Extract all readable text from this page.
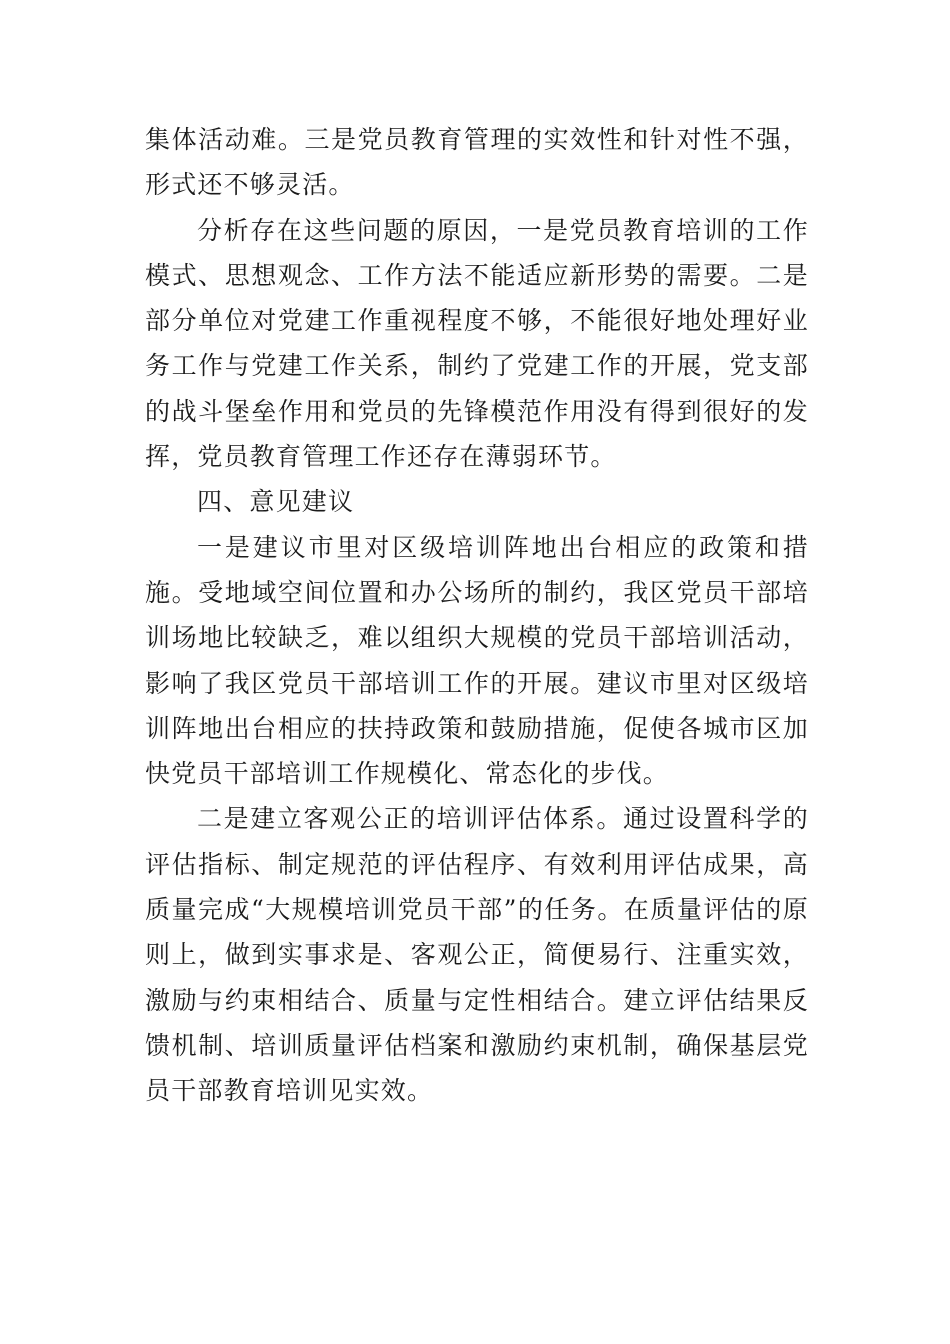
集体活动难。三是党员教育管理的实效性和针对性不强，形式还不够灵活。

分析存在这些问题的原因，一是党员教育培训的工作模式、思想观念、工作方法不能适应新形势的需要。二是部分单位对党建工作重视程度不够，不能很好地处理好业务工作与党建工作关系，制约了党建工作的开展，党支部的战斗堡垒作用和党员的先锋模范作用没有得到很好的发挥，党员教育管理工作还存在薄弱环节。

四、意见建议

一是建议市里对区级培训阵地出台相应的政策和措施。受地域空间位置和办公场所的制约，我区党员干部培训场地比较缺乏，难以组织大规模的党员干部培训活动，影响了我区党员干部培训工作的开展。建议市里对区级培训阵地出台相应的扶持政策和鼓励措施，促使各城市区加快党员干部培训工作规模化、常态化的步伐。

二是建立客观公正的培训评估体系。通过设置科学的评估指标、制定规范的评估程序、有效利用评估成果，高质量完成“大规模培训党员干部”的任务。在质量评估的原则上，做到实事求是、客观公正，简便易行、注重实效，激励与约束相结合、质量与定性相结合。建立评估结果反馈机制、培训质量评估档案和激励约束机制，确保基层党员干部教育培训见实效。
